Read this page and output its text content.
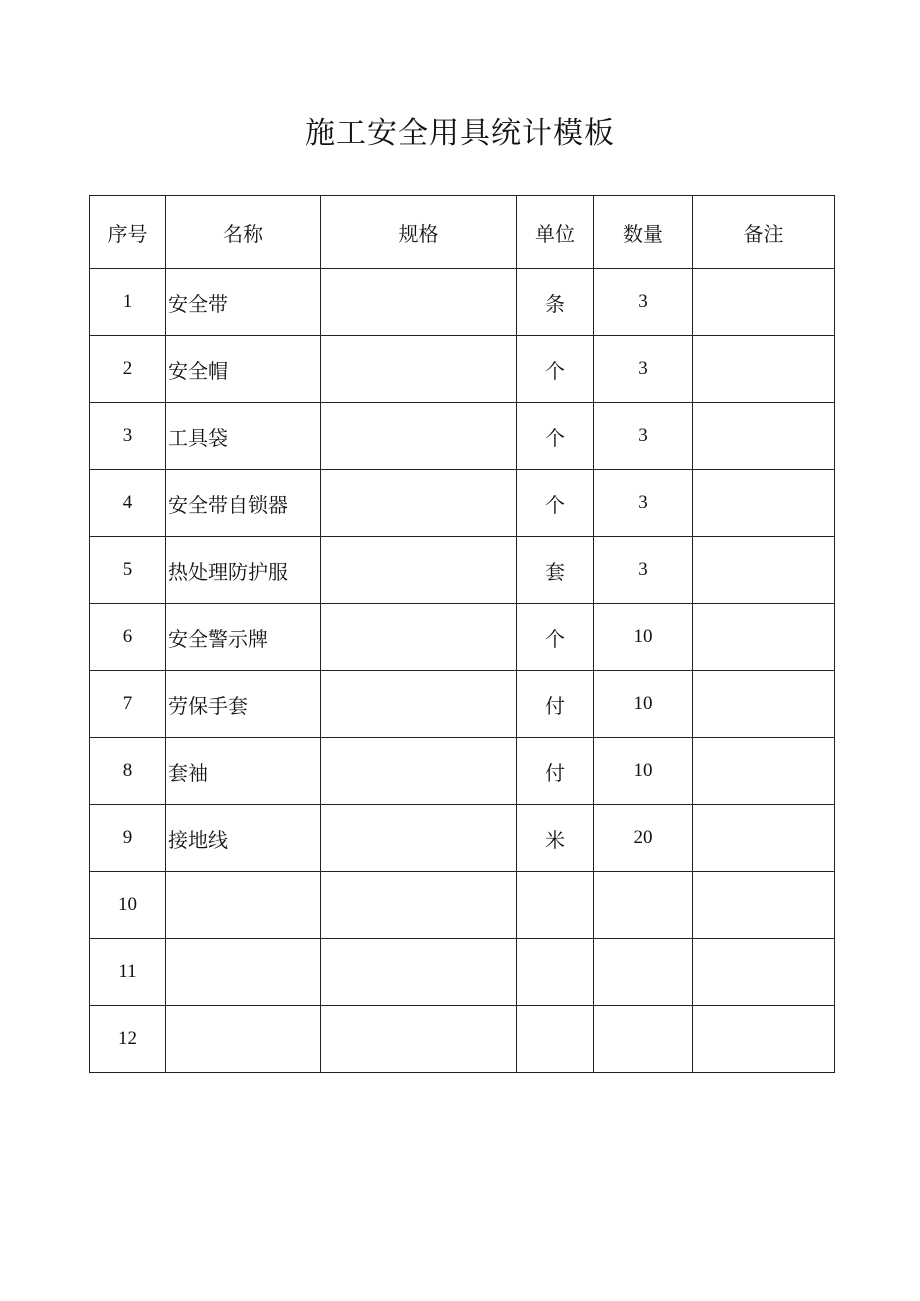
施工安全用具统计模板
序号	名称	规格	单位	数量	备注
1	安全带		条	3	
2	安全帽		个	3	
3	工具袋		个	3	
4	安全带自锁器		个	3	
5	热处理防护服		套	3	
6	安全警示牌		个	10	
7	劳保手套		付	10	
8	套袖		付	10	
9	接地线		米	20	
10					
11					
12					
